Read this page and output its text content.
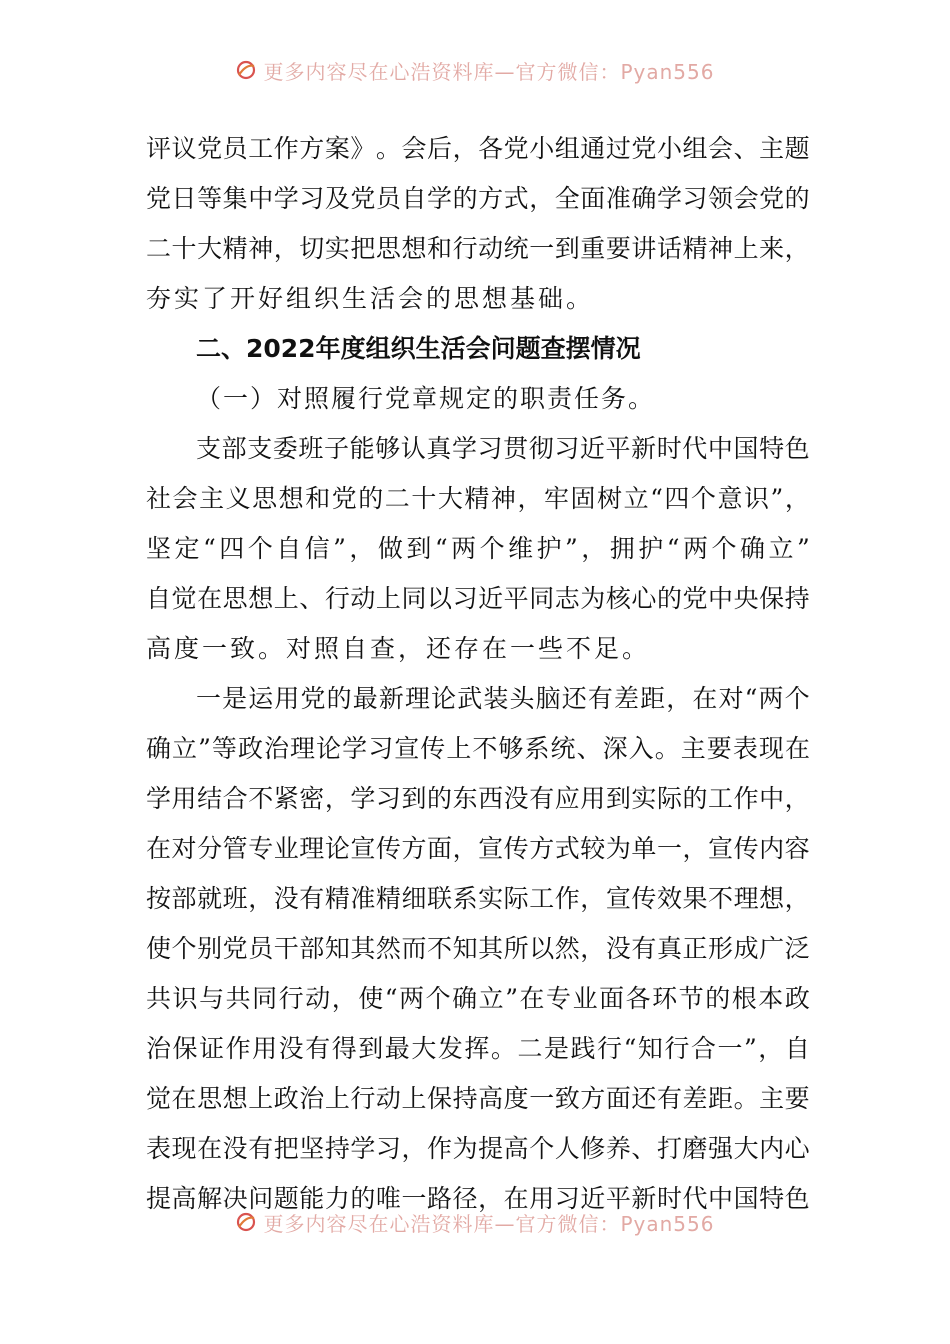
更多内容尽在心浩资料库—官方微信：Pyan556
评 议 党 员 工 作 方 案 》 。 会 后 ， 各 党 小 组 通 过 党 小 组 会 、 主 题
党 日 等 集 中 学 习 及 党 员 自 学 的 方 式 ， 全 面 准 确 学 习 领 会 党 的
二 十 大 精 神 ， 切 实 把 思 想 和 行 动 统 一 到 重 要 讲 话 精 神 上 来 ，
夯实了开好组织生活会的思想基础。
二、2022年度组织生活会问题查摆情况
（一）对照履行党章规定的职责任务。
支 部 支 委 班 子 能 够 认 真 学 习 贯 彻 习 近 平 新 时 代 中 国 特 色
社 会 主 义 思 想 和 党 的 二 十 大 精 神 ， 牢 固 树 立 “ 四 个 意 识 ” ，
坚 定 “ 四 个 自 信 ” ， 做 到 “ 两 个 维 护 ” ， 拥 护 “ 两 个 确 立 ”
自 觉 在 思 想 上 、 行 动 上 同 以 习 近 平 同 志 为 核 心 的 党 中 央 保 持
高度一致。对照自查，还存在一些不足。
一 是 运 用 党 的 最 新 理 论 武 装 头 脑 还 有 差 距 ， 在 对 “ 两 个
确 立 ” 等 政 治 理 论 学 习 宣 传 上 不 够 系 统 、 深 入 。 主 要 表 现 在
学 用 结 合 不 紧 密 ， 学 习 到 的 东 西 没 有 应 用 到 实 际 的 工 作 中 ，
在 对 分 管 专 业 理 论 宣 传 方 面 ， 宣 传 方 式 较 为 单 一 ， 宣 传 内 容
按 部 就 班 ， 没 有 精 准 精 细 联 系 实 际 工 作 ， 宣 传 效 果 不 理 想 ，
使 个 别 党 员 干 部 知 其 然 而 不 知 其 所 以 然 ， 没 有 真 正 形 成 广 泛
共 识 与 共 同 行 动 ， 使 “ 两 个 确 立 ” 在 专 业 面 各 环 节 的 根 本 政
治 保 证 作 用 没 有 得 到 最 大 发 挥 。 二 是 践 行 “ 知 行 合 一 ” ， 自
觉 在 思 想 上 政 治 上 行 动 上 保 持 高 度 一 致 方 面 还 有 差 距 。 主 要
表 现 在 没 有 把 坚 持 学 习 ， 作 为 提 高 个 人 修 养 、 打 磨 强 大 内 心
提 高 解 决 问 题 能 力 的 唯 一 路 径 ， 在 用 习 近 平 新 时 代 中 国 特 色
更多内容尽在心浩资料库—官方微信：Pyan556
